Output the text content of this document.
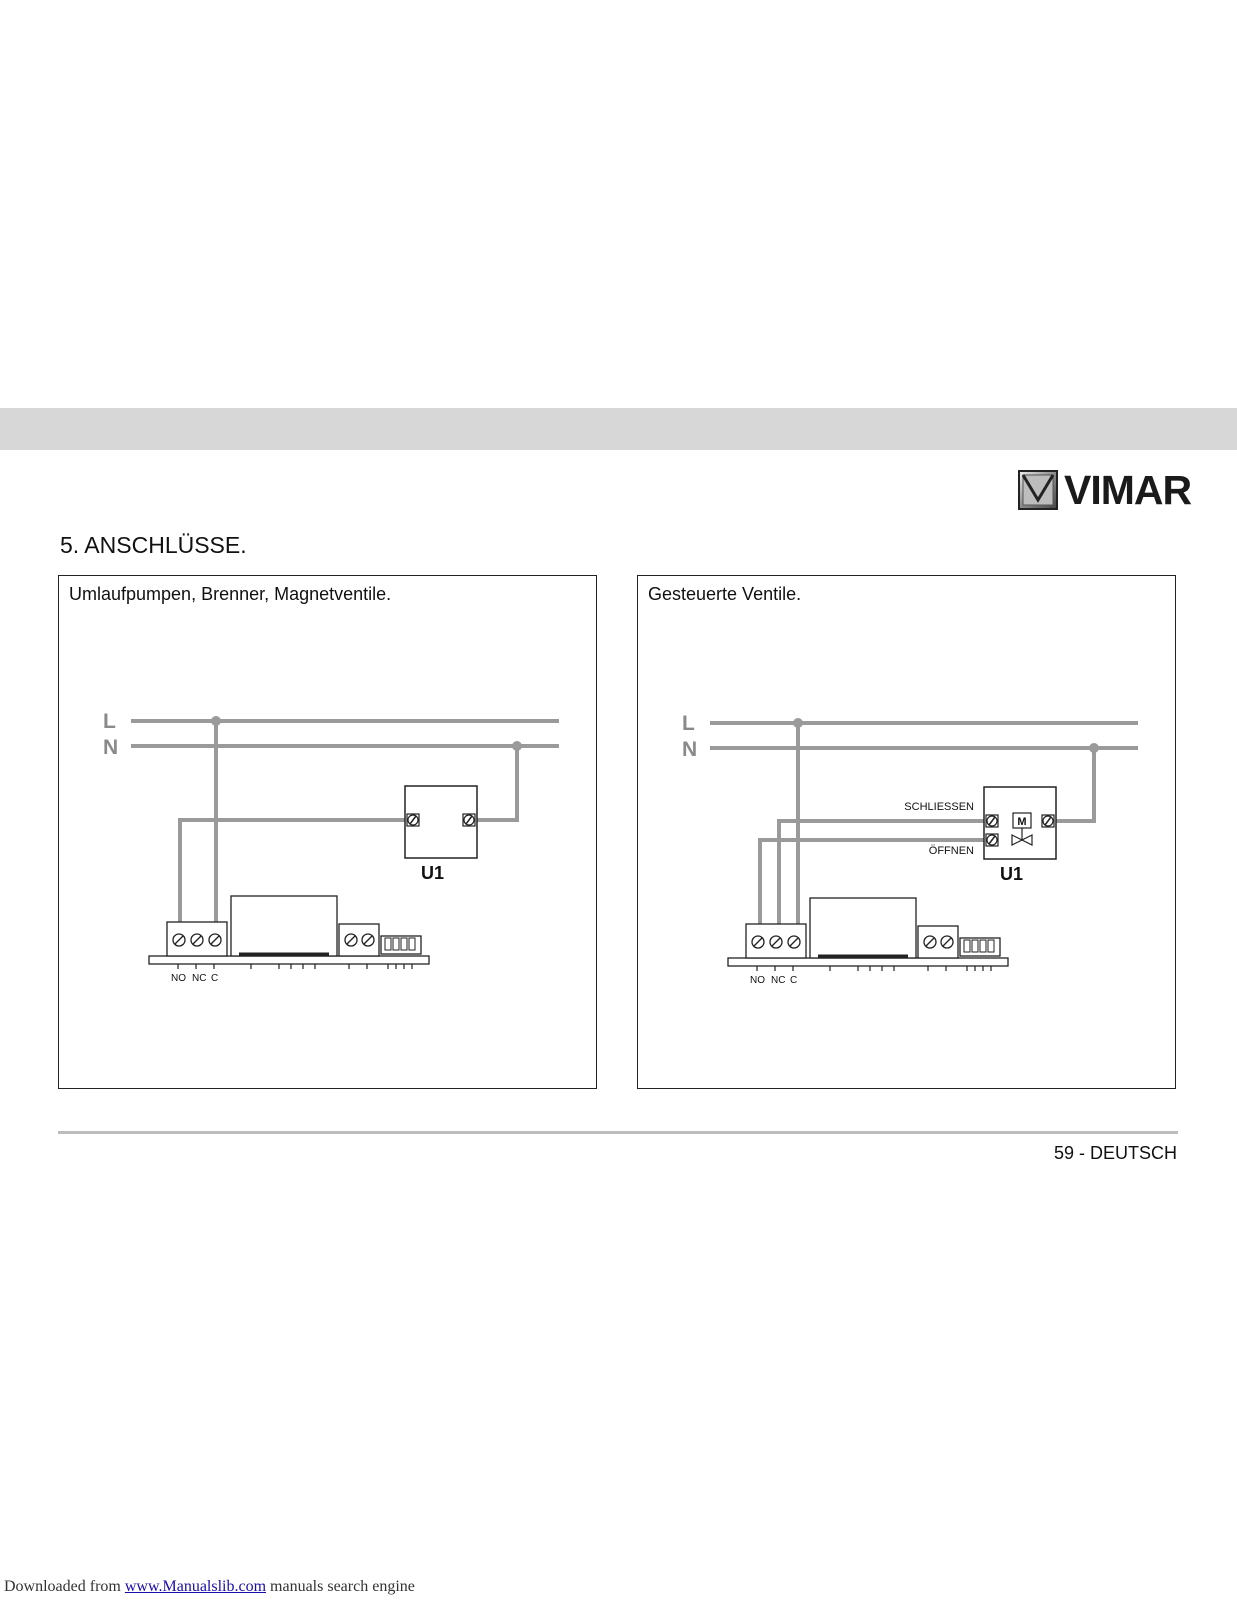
VIMAR
5. ANSCHLÜSSE.
Umlaufpumpen, Brenner, Magnetventile.
L
N
U1
NO NC C
Gesteuerte Ventile.
L
N
SCHLIESSEN
ÖFFNEN
M
U1
NO NC C
59 - DEUTSCH
Downloaded from www.Manualslib.com manuals search engine
